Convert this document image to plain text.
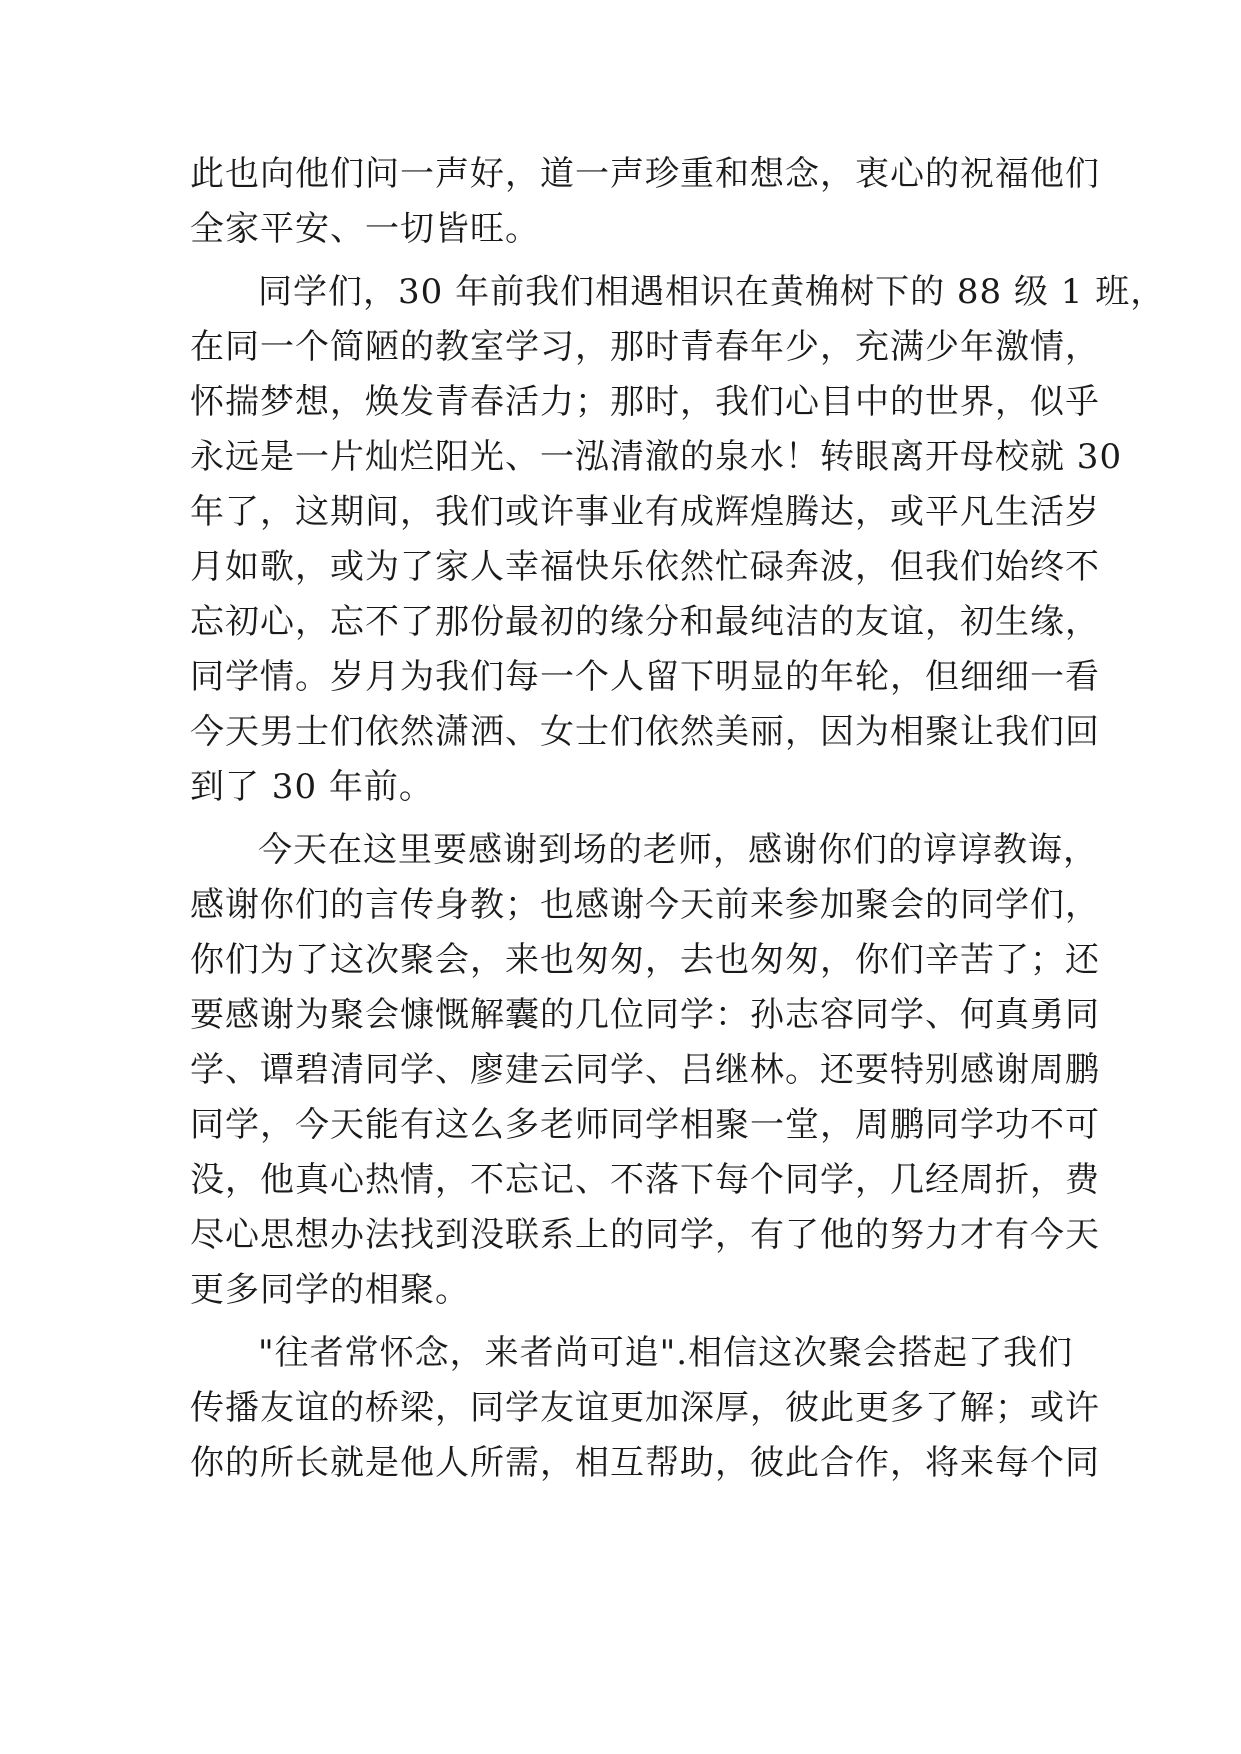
此也向他们问一声好，道一声珍重和想念，衷心的祝福他们
全家平安、一切皆旺。
同学们，30 年前我们相遇相识在黄桷树下的 88 级 1 班，
在同一个简陋的教室学习，那时青春年少，充满少年激情，
怀揣梦想，焕发青春活力；那时，我们心目中的世界，似乎
永远是一片灿烂阳光、一泓清澈的泉水！转眼离开母校就 30
年了，这期间，我们或许事业有成辉煌腾达，或平凡生活岁
月如歌，或为了家人幸福快乐依然忙碌奔波，但我们始终不
忘初心，忘不了那份最初的缘分和最纯洁的友谊，初生缘，
同学情。岁月为我们每一个人留下明显的年轮，但细细一看
今天男士们依然潇洒、女士们依然美丽，因为相聚让我们回
到了 30 年前。
今天在这里要感谢到场的老师，感谢你们的谆谆教诲，
感谢你们的言传身教；也感谢今天前来参加聚会的同学们，
你们为了这次聚会，来也匆匆，去也匆匆，你们辛苦了；还
要感谢为聚会慷慨解囊的几位同学：孙志容同学、何真勇同
学、谭碧清同学、廖建云同学、吕继林。还要特别感谢周鹏
同学，今天能有这么多老师同学相聚一堂，周鹏同学功不可
没，他真心热情，不忘记、不落下每个同学，几经周折，费
尽心思想办法找到没联系上的同学，有了他的努力才有今天
更多同学的相聚。
"往者常怀念，来者尚可追".相信这次聚会搭起了我们
传播友谊的桥梁，同学友谊更加深厚，彼此更多了解；或许
你的所长就是他人所需，相互帮助，彼此合作，将来每个同
